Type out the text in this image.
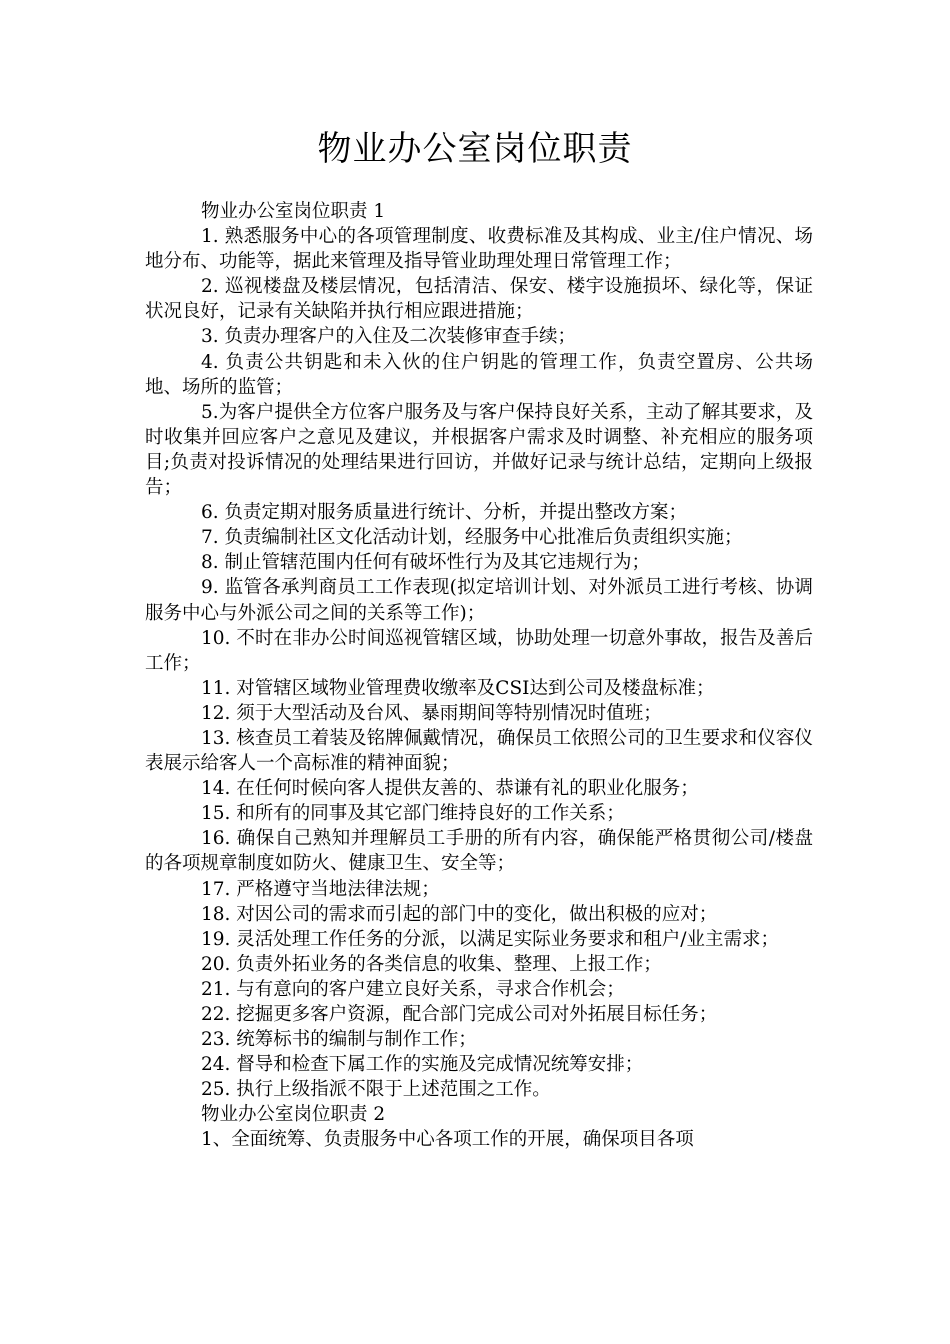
物业办公室岗位职责

物业办公室岗位职责 1

1. 熟悉服务中心的各项管理制度、收费标准及其构成、业主/住户情况、场地分布、功能等，据此来管理及指导管业助理处理日常管理工作；

2. 巡视楼盘及楼层情况，包括清洁、保安、楼宇设施损坏、绿化等，保证状况良好，记录有关缺陷并执行相应跟进措施；

3. 负责办理客户的入住及二次装修审查手续；

4. 负责公共钥匙和未入伙的住户钥匙的管理工作，负责空置房、公共场地、场所的监管；

5.为客户提供全方位客户服务及与客户保持良好关系，主动了解其要求，及时收集并回应客户之意见及建议，并根据客户需求及时调整、补充相应的服务项目;负责对投诉情况的处理结果进行回访，并做好记录与统计总结，定期向上级报告；

6. 负责定期对服务质量进行统计、分析，并提出整改方案；

7. 负责编制社区文化活动计划，经服务中心批准后负责组织实施；

8. 制止管辖范围内任何有破坏性行为及其它违规行为；

9. 监管各承判商员工工作表现(拟定培训计划、对外派员工进行考核、协调服务中心与外派公司之间的关系等工作)；

10. 不时在非办公时间巡视管辖区域，协助处理一切意外事故，报告及善后工作；

11. 对管辖区域物业管理费收缴率及CSI达到公司及楼盘标准；

12. 须于大型活动及台风、暴雨期间等特别情况时值班；

13. 核查员工着装及铭牌佩戴情况，确保员工依照公司的卫生要求和仪容仪表展示给客人一个高标准的精神面貌；

14. 在任何时候向客人提供友善的、恭谦有礼的职业化服务；

15. 和所有的同事及其它部门维持良好的工作关系；

16. 确保自己熟知并理解员工手册的所有内容，确保能严格贯彻公司/楼盘的各项规章制度如防火、健康卫生、安全等；

17. 严格遵守当地法律法规；

18. 对因公司的需求而引起的部门中的变化，做出积极的应对；

19. 灵活处理工作任务的分派，以满足实际业务要求和租户/业主需求；

20. 负责外拓业务的各类信息的收集、整理、上报工作；

21. 与有意向的客户建立良好关系，寻求合作机会；

22. 挖掘更多客户资源，配合部门完成公司对外拓展目标任务；

23. 统筹标书的编制与制作工作；

24. 督导和检查下属工作的实施及完成情况统筹安排；

25. 执行上级指派不限于上述范围之工作。

物业办公室岗位职责 2

1、全面统筹、负责服务中心各项工作的开展，确保项目各项
